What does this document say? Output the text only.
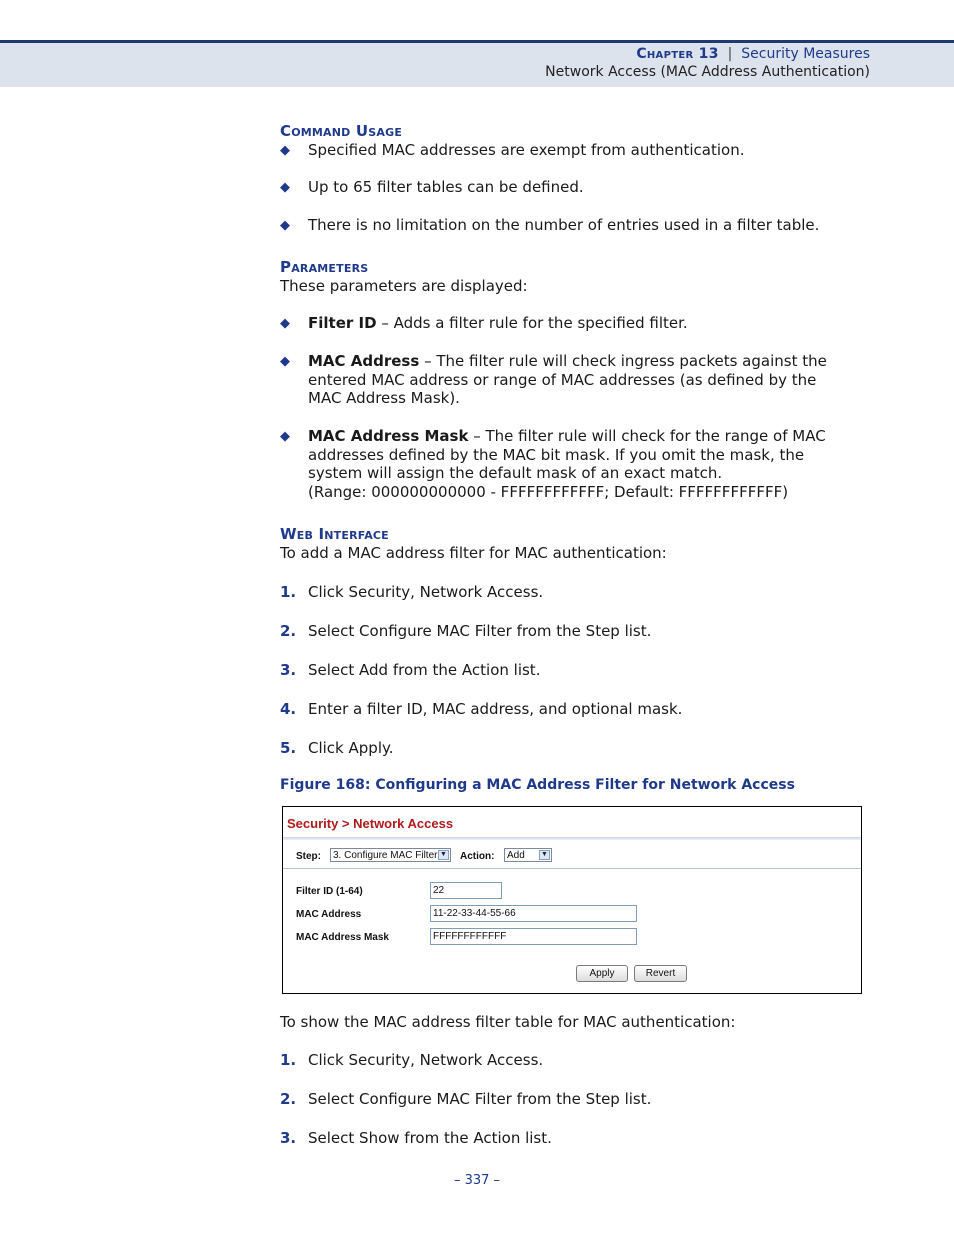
Chapter 13 | Security Measures
Network Access (MAC Address Authentication)
Command Usage
◆ Specified MAC addresses are exempt from authentication.
◆ Up to 65 filter tables can be defined.
◆ There is no limitation on the number of entries used in a filter table.
Parameters
These parameters are displayed:
◆ Filter ID – Adds a filter rule for the specified filter.
◆ MAC Address – The filter rule will check ingress packets against the
entered MAC address or range of MAC addresses (as defined by the
MAC Address Mask).
◆ MAC Address Mask – The filter rule will check for the range of MAC
addresses defined by the MAC bit mask. If you omit the mask, the
system will assign the default mask of an exact match.
(Range: 000000000000 - FFFFFFFFFFFF; Default: FFFFFFFFFFFF)
Web Interface
To add a MAC address filter for MAC authentication:
1. Click Security, Network Access.
2. Select Configure MAC Filter from the Step list.
3. Select Add from the Action list.
4. Enter a filter ID, MAC address, and optional mask.
5. Click Apply.
Figure 168: Configuring a MAC Address Filter for Network Access
Security > Network Access
Step:	3. Configure MAC Filter ▼ Action:	Add ▼
Filter ID (1-64)	22
MAC Address	11-22-33-44-55-66
MAC Address Mask	FFFFFFFFFFFF
Apply	Revert
To show the MAC address filter table for MAC authentication:
1. Click Security, Network Access.
2. Select Configure MAC Filter from the Step list.
3. Select Show from the Action list.
– 337 –
